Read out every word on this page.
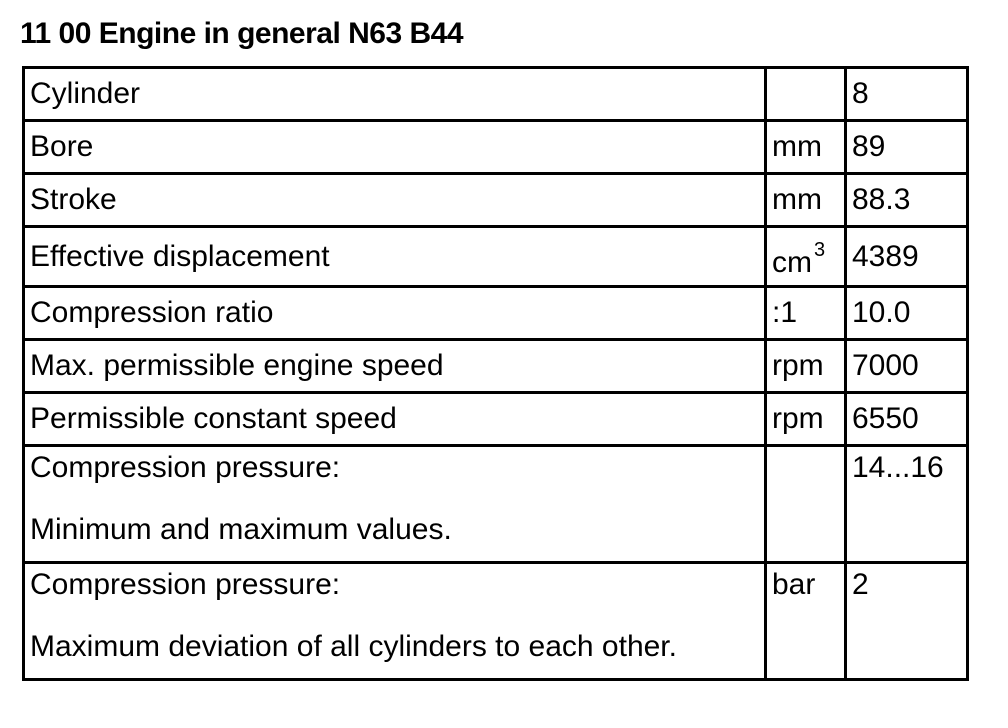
11 00 Engine in general N63 B44
Cylinder		8
Bore	mm	89
Stroke	mm	88.3
Effective displacement	cm $^3$	4389
Compression ratio	:1	10.0
Max. permissible engine speed	rpm	7000
Permissible constant speed	rpm	6550
Compression pressure:
Minimum and maximum values.		14...16
Compression pressure:
Maximum deviation of all cylinders to each other.	bar	2
